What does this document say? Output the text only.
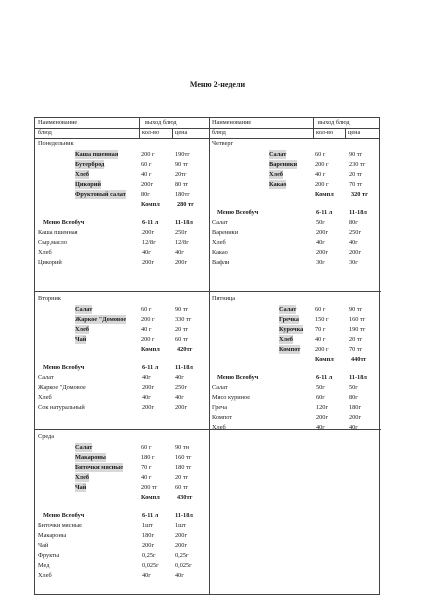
Меню 2-недели
Наименование	выход блюд	Наименование	выход блюд
блюд	кол-во	цена	блюд	кол-во цена
Понедельник
Каша пшенная	200 г	190тг
Бутерброд	60 г	90 тг
Хлеб	40 г	20тг
Цикорий	200г	80 тг
Фруктовый салат 80г	180тг
Компл	280 тг
Меню Всеобуч	6-11 л	11-18л
Каша пшенная	200г	250г
Сыр,масло	12/8г	12/8г
Хлеб	40г	40г
Цикорий	200г	200г
Четверг
Салат	60 г	90 тг
Вареники	200 г	230 тг
Хлеб	40 г	20 тг
Какао	200 г	70 тг
Компл	320 тг
Меню Всеобуч	6-11 л	11-18л
Салат	50г	80г
Вареники	200г	250г
Хлеб	40г	40г
Какао	200г	200г
Вафли	30г	30г
Вторник
Салат	60 г	90 тг
Жаркое "Домовое 200 г	330 тг
Хлеб	40 г	20 тг
Чай	200 г	60 тг
Компл	420тг
Меню Всеобуч	6-11 л	11-18л
Салат	40г	40г
Жаркое "Домовое	200г	250г
Хлеб	40г	40г
Сок натуральный	200г	200г
Пятница
Салат	60 г	90 тг
Гречка	150 г	160 тг
Курочка 70 г	190 тг
Хлеб	40 г	20 тг
Компот 200 г	70 тг
Компл	440тг
Меню Всеобуч	6-11 л	11-18л
Салат	50г	50г
Мясо куриное	60г	80г
Греча	120г	180г
Компот	200г	200г
Хлеб	40г	40г
Среда
Салат	60 г	90 тн
Макароны	180 г	160 тг
Биточки мясные	70 г	180 тг
Хлеб	40 г	20 тг
Чай	200 тг	60 тг
Компл	430тг
Меню Всеобуч	6-11 л	11-18л
Биточки мясные	1шт	1шт
Макароны	180г	200г
Чай	200г	200г
Фрукты	0,25г	0,25г
Мед	0,025г	0,025г
Хлеб	40г	40г
